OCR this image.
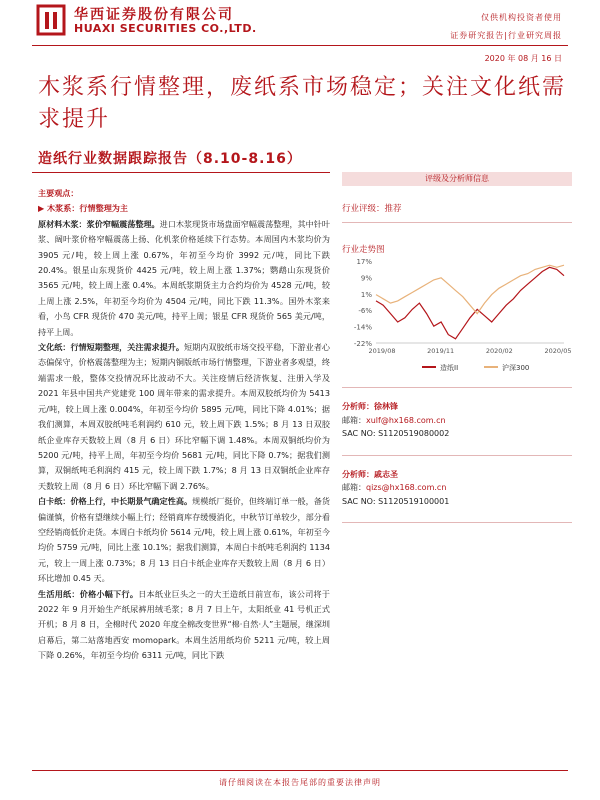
华西证券股份有限公司
HUAXI SECURITIES CO.,LTD.
仅供机构投资者使用
证券研究报告|行业研究周报
2020 年 08 月 16 日
木浆系行情整理，废纸系市场稳定；关注文化纸需求提升
造纸行业数据跟踪报告（8.10-8.16）

主要观点：

▶ 木浆系：行情整理为主

原材料木浆：浆价窄幅震荡整理。进口木浆现货市场盘面窄幅震荡整理，其中针叶浆、阔叶浆价格窄幅震荡上扬、化机浆价格延续下行态势。本周国内木浆均价为 3905 元/吨，较上周上涨 0.67%，年初至今均价 3992 元/吨，同比下跌 20.4%。银星山东现货价 4425 元/吨，较上周上涨 1.37%；鹦鹉山东现货价 3565 元/吨，较上周上涨 0.4%。本周纸浆期货主力合约均价为 4528 元/吨，较上周上涨 2.5%，年初至今均价为 4504 元/吨，同比下跌 11.3%。国外木浆来看，小鸟 CFR 现货价 470 美元/吨，持平上周；银星 CFR 现货价 565 美元/吨，持平上周。

文化纸：行情短期整理，关注需求提升。短期内双胶纸市场交投平稳，下游业者心态偏保守，价格震荡整理为主；短期内铜版纸市场行情整理，下游业者多观望，终端需求一般，整体交投情况环比波动不大。关注疫情后经济恢复、注册入学及 2021 年县中国共产党建党 100 周年带来的需求提升。本周双胶纸均价为 5413 元/吨，较上周上涨 0.004%，年初至今均价 5895 元/吨，同比下降 4.01%；据我们测算，本周双胶纸吨毛利润约 610 元，较上周下跌 1.5%；8 月 13 日双胶纸企业库存天数较上周（8 月 6 日）环比窄幅下调 1.48%。本周双铜纸均价为 5200 元/吨，持平上周，年初至今均价 5681 元/吨，同比下降 0.7%；据我们测算，双铜纸吨毛利润约 415 元，较上周下跌 1.7%；8 月 13 日双铜纸企业库存天数较上周（8 月 6 日）环比窄幅下调 2.76%。

白卡纸：价格上行，中长期景气确定性高。规模纸厂挺价，但终端订单一般，备货偏谨慎，价格有望继续小幅上行；经销商库存缓慢消化，中秋节订单较少，部分看空经销商低价走货。本周白卡纸均价 5614 元/吨，较上周上涨 0.61%，年初至今均价 5759 元/吨，同比上涨 10.1%；据我们测算，本周白卡纸吨毛利润约 1134 元，较上一周上涨 0.73%；8 月 13 日白卡纸企业库存天数较上周（8 月 6 日）环比增加 0.45 天。

生活用纸：价格小幅下行。日本纸业巨头之一的大王造纸日前宣布，该公司将于 2022 年 9 月开始生产纸尿裤用绒毛浆；8 月 7 日上午，太阳纸业 41 号机正式开机；8 月 8 日，全棉时代 2020 年度全棉改变世界“棉·自然·人”主题展，继深圳启幕后，第二站落地西安 momopark。本周生活用纸均价 5211 元/吨，较上周下降 0.26%，年初至今均价 6311 元/吨，同比下跌

评级及分析师信息
行业评级：推荐
行业走势图
17%
9%
1%
-6%
-14%
-22%
2019/08	2019/11	2020/02	2020/05
造纸II	沪深300
分析师：徐林锋
邮箱：xulf@hx168.com.cn
SAC NO: S1120519080002
分析师：戚志圣
邮箱：qizs@hx168.com.cn
SAC NO: S1120519100001
请仔细阅读在本报告尾部的重要法律声明
